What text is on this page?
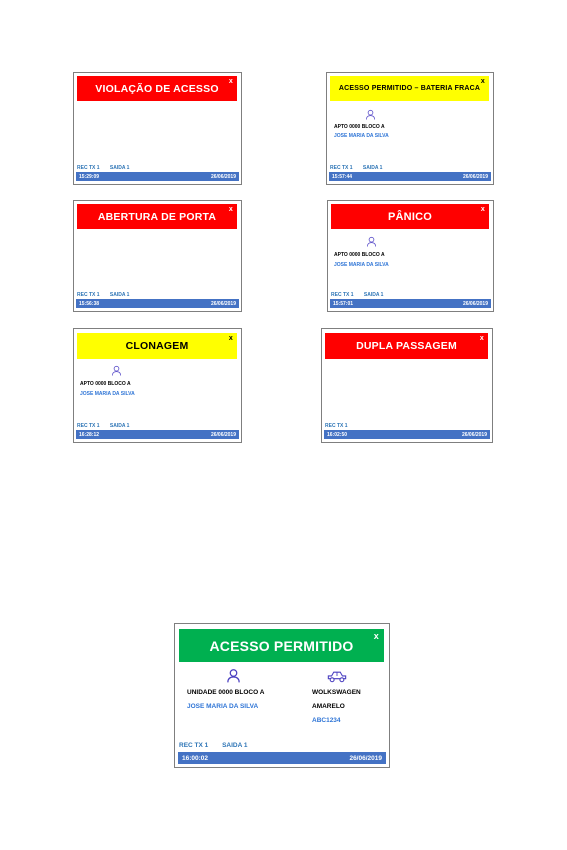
VIOLAÇÃO DE ACESSO
x
REC TX 1 SAIDA 1
15:29:09	26/06/2019
ACESSO PERMITIDO – BATERIA FRACA
x
APTO 0000 BLOCO A
JOSE MARIA DA SILVA
REC TX 1 SAIDA 1
15:57:44	26/06/2019
ABERTURA DE PORTA
x
REC TX 1 SAIDA 1
15:56:38	26/06/2019
PÂNICO
x
APTO 0000 BLOCO A
JOSE MARIA DA SILVA
REC TX 1 SAIDA 1
15:57:01	26/06/2019
CLONAGEM
x
APTO 0000 BLOCO A
JOSE MARIA DA SILVA
REC TX 1 SAIDA 1
16:28:12	26/06/2019
DUPLA PASSAGEM
x
REC TX 1
16:02:50	26/06/2019
ACESSO PERMITIDO
x
UNIDADE 0000 BLOCO A
JOSE MARIA DA SILVA
WOLKSWAGEN
AMARELO
ABC1234
REC TX 1 SAIDA 1
16:00:02	26/06/2019
